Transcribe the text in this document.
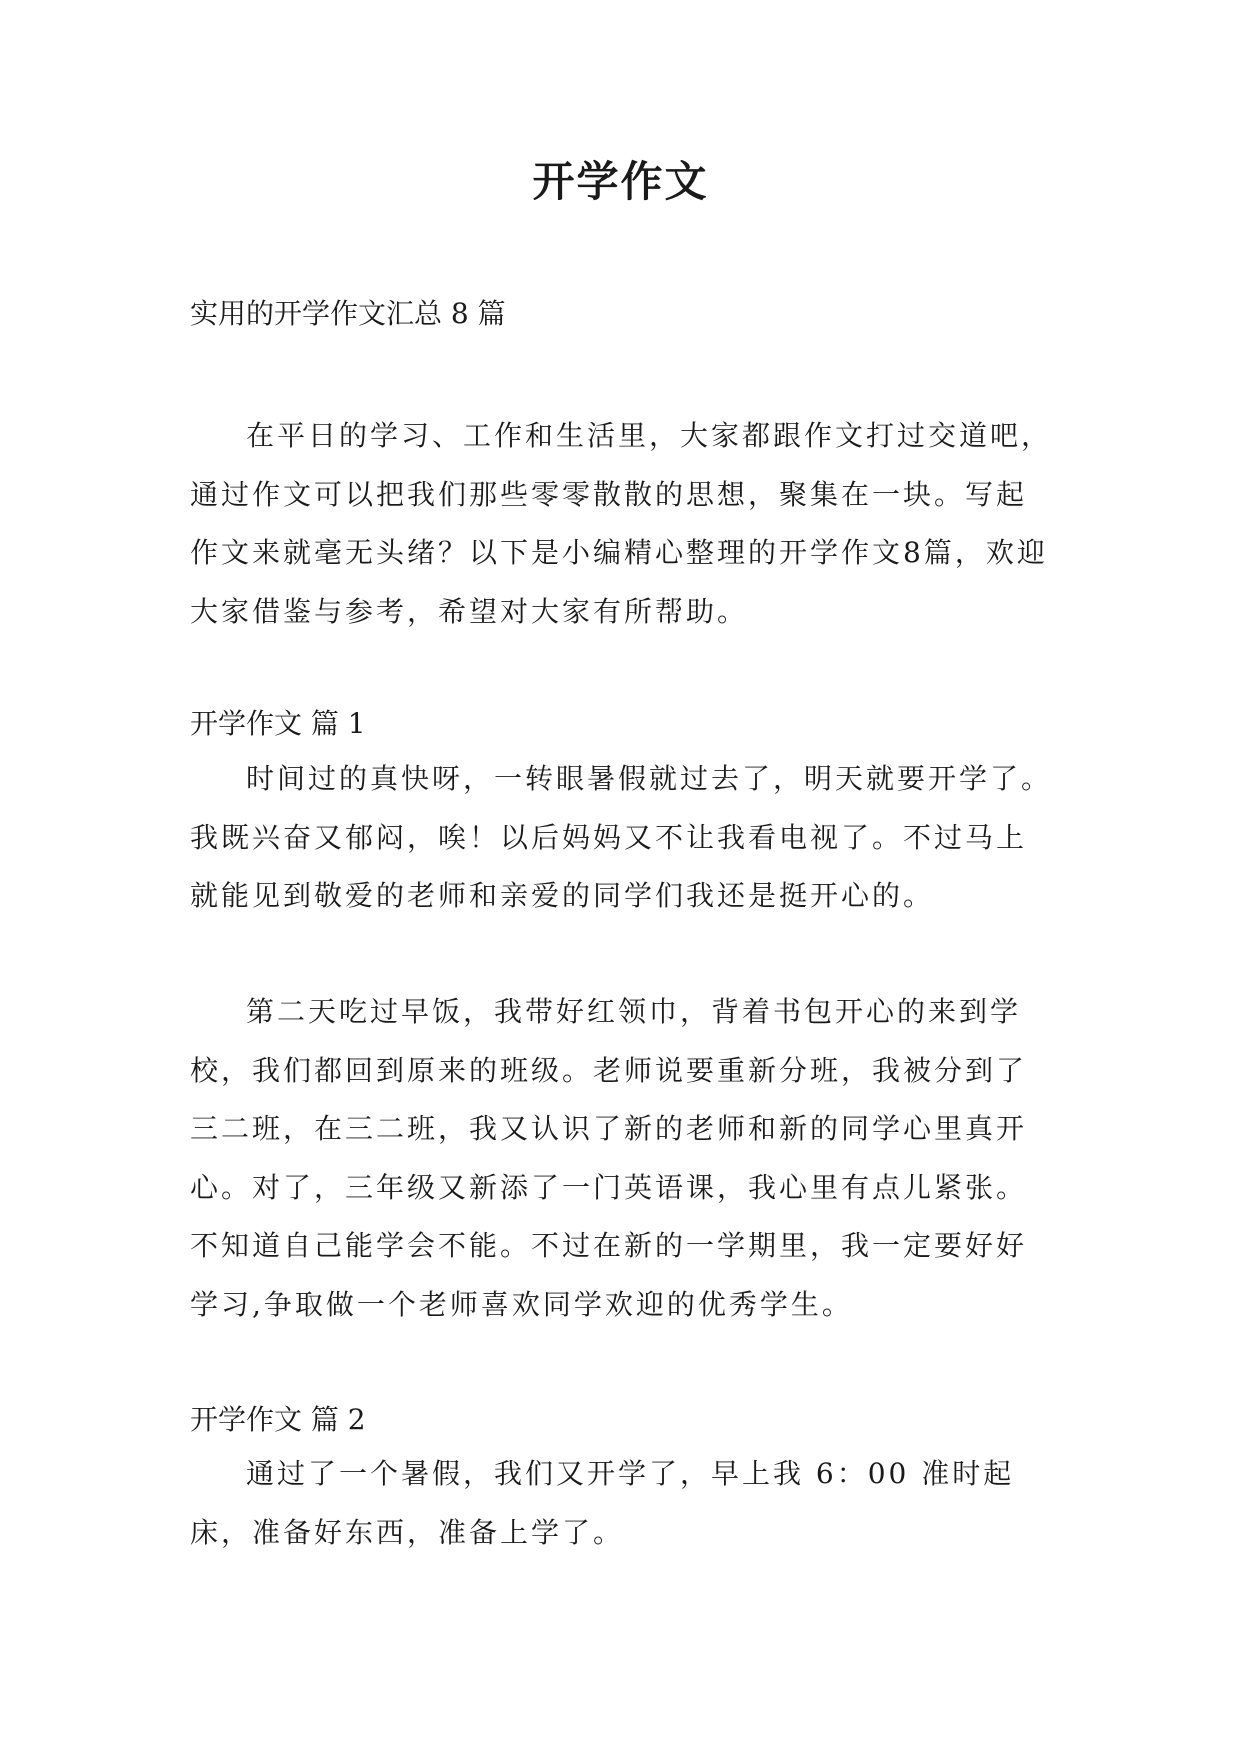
开学作文

实用的开学作文汇总 8 篇

在平日的学习、工作和生活里，大家都跟作文打过交道吧，通过作文可以把我们那些零零散散的思想，聚集在一块。写起作文来就毫无头绪？以下是小编精心整理的开学作文8篇，欢迎大家借鉴与参考，希望对大家有所帮助。

开学作文 篇 1

时间过的真快呀，一转眼暑假就过去了，明天就要开学了。我既兴奋又郁闷，唉！以后妈妈又不让我看电视了。不过马上就能见到敬爱的老师和亲爱的同学们我还是挺开心的。

第二天吃过早饭，我带好红领巾，背着书包开心的来到学校，我们都回到原来的班级。老师说要重新分班，我被分到了三二班，在三二班，我又认识了新的老师和新的同学心里真开心。对了，三年级又新添了一门英语课，我心里有点儿紧张。不知道自己能学会不能。不过在新的一学期里，我一定要好好学习,争取做一个老师喜欢同学欢迎的优秀学生。

开学作文 篇 2

通过了一个暑假，我们又开学了，早上我 6：00 准时起床，准备好东西，准备上学了。
